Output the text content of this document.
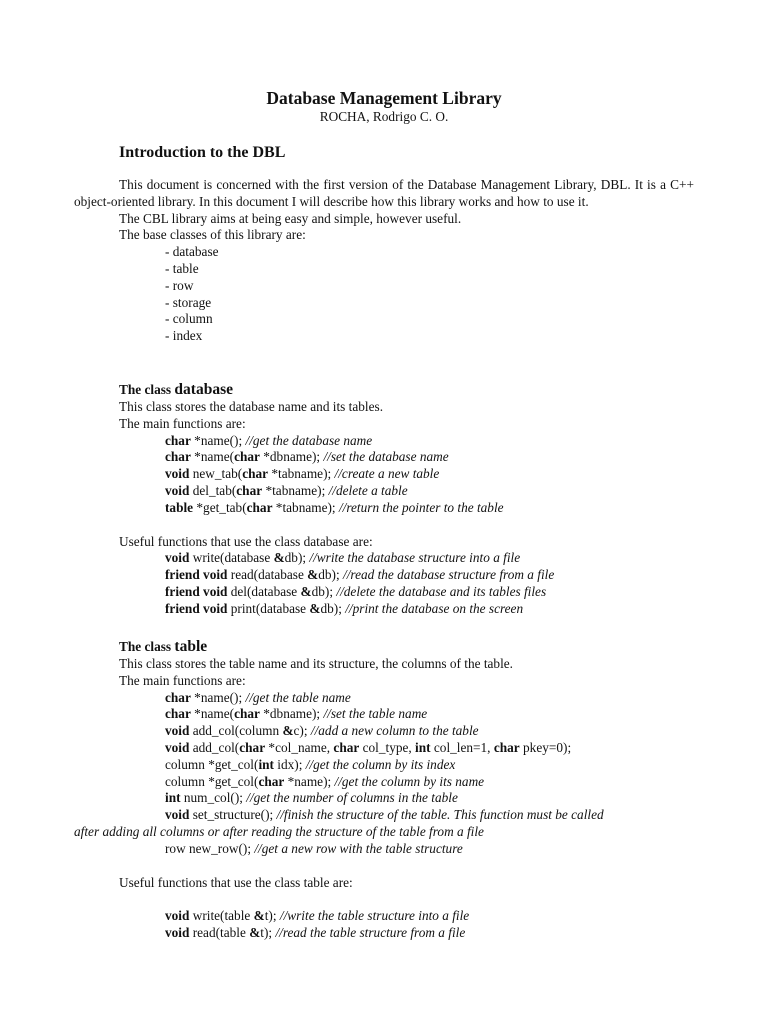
Database Management Library
ROCHA, Rodrigo C. O.
Introduction to the DBL

This document is concerned with the first version of the Database Management Library, DBL. It is a C++ object-oriented library. In this document I will describe how this library works and how to use it.

The CBL library aims at being easy and simple, however useful.

The base classes of this library are:

- database
- table
- row
- storage
- column
- index
The class database
This class stores the database name and its tables.
The main functions are:
char *name(); //get the database name
char *name(char *dbname); //set the database name
void new_tab(char *tabname); //create a new table
void del_tab(char *tabname); //delete a table
table *get_tab(char *tabname); //return the pointer to the table
Useful functions that use the class database are:
void write(database &db); //write the database structure into a file
friend void read(database &db); //read the database structure from a file
friend void del(database &db); //delete the database and its tables files
friend void print(database &db); //print the database on the screen
The class table
This class stores the table name and its structure, the columns of the table.
The main functions are:
char *name(); //get the table name
char *name(char *dbname); //set the table name
void add_col(column &c); //add a new column to the table
void add_col(char *col_name, char col_type, int col_len=1, char pkey=0);
column *get_col(int idx); //get the column by its index
column *get_col(char *name); //get the column by its name
int num_col(); //get the number of columns in the table
void set_structure(); //finish the structure of the table. This function must be called
after adding all columns or after reading the structure of the table from a file
row new_row(); //get a new row with the table structure
Useful functions that use the class table are:
void write(table &t); //write the table structure into a file
void read(table &t); //read the table structure from a file
